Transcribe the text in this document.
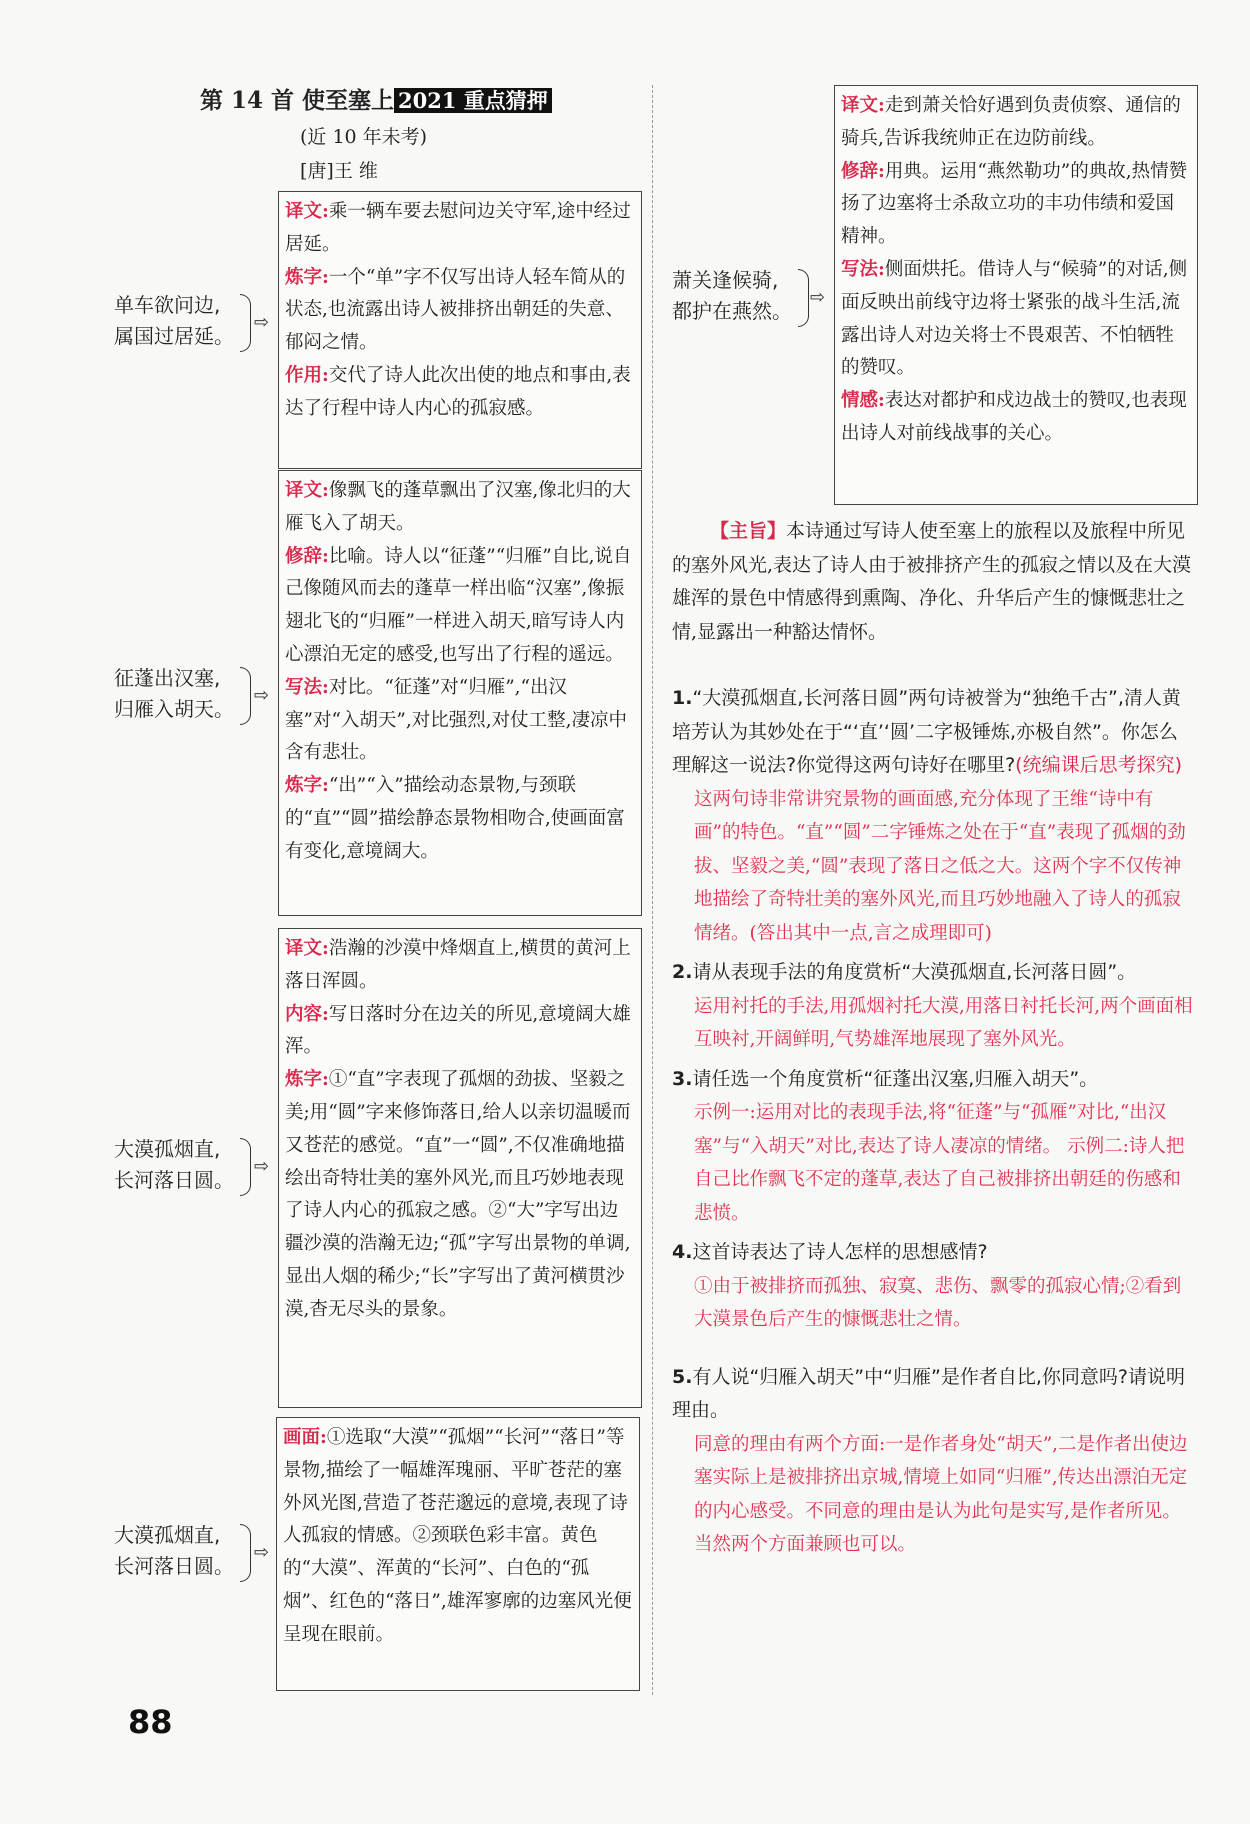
第 14 首 使至塞上 2021 重点猜押
(近 10 年未考)
[唐]王 维
单车欲问边,
属国过居延。
⇨

译文:乘一辆车要去慰问边关守军,途中经过居延。

炼字:一个“单”字不仅写出诗人轻车简从的状态,也流露出诗人被排挤出朝廷的失意、郁闷之情。

作用:交代了诗人此次出使的地点和事由,表达了行程中诗人内心的孤寂感。

征蓬出汉塞,
归雁入胡天。
⇨

译文:像飘飞的蓬草飘出了汉塞,像北归的大雁飞入了胡天。

修辞:比喻。诗人以“征蓬”“归雁”自比,说自己像随风而去的蓬草一样出临“汉塞”,像振翅北飞的“归雁”一样进入胡天,暗写诗人内心漂泊无定的感受,也写出了行程的遥远。

写法:对比。“征蓬”对“归雁”,“出汉塞”对“入胡天”,对比强烈,对仗工整,凄凉中含有悲壮。

炼字:“出”“入”描绘动态景物,与颈联的“直”“圆”描绘静态景物相吻合,使画面富有变化,意境阔大。

大漠孤烟直,
长河落日圆。
⇨

译文:浩瀚的沙漠中烽烟直上,横贯的黄河上落日浑圆。

内容:写日落时分在边关的所见,意境阔大雄浑。

炼字:①“直”字表现了孤烟的劲拔、坚毅之美;用“圆”字来修饰落日,给人以亲切温暖而又苍茫的感觉。“直”一“圆”,不仅准确地描绘出奇特壮美的塞外风光,而且巧妙地表现了诗人内心的孤寂之感。②“大”字写出边疆沙漠的浩瀚无边;“孤”字写出景物的单调,显出人烟的稀少;“长”字写出了黄河横贯沙漠,杳无尽头的景象。

大漠孤烟直,
长河落日圆。
⇨

画面:①选取“大漠”“孤烟”“长河”“落日”等景物,描绘了一幅雄浑瑰丽、平旷苍茫的塞外风光图,营造了苍茫邈远的意境,表现了诗人孤寂的情感。②颈联色彩丰富。黄色的“大漠”、浑黄的“长河”、白色的“孤烟”、红色的“落日”,雄浑寥廓的边塞风光便呈现在眼前。

萧关逢候骑,
都护在燕然。
⇨

译文:走到萧关恰好遇到负责侦察、通信的骑兵,告诉我统帅正在边防前线。

修辞:用典。运用“燕然勒功”的典故,热情赞扬了边塞将士杀敌立功的丰功伟绩和爱国精神。

写法:侧面烘托。借诗人与“候骑”的对话,侧面反映出前线守边将士紧张的战斗生活,流露出诗人对边关将士不畏艰苦、不怕牺牲的赞叹。

情感:表达对都护和戍边战士的赞叹,也表现出诗人对前线战事的关心。

【主旨】本诗通过写诗人使至塞上的旅程以及旅程中所见的塞外风光,表达了诗人由于被排挤产生的孤寂之情以及在大漠雄浑的景色中情感得到熏陶、净化、升华后产生的慷慨悲壮之情,显露出一种豁达情怀。
1.“大漠孤烟直,长河落日圆”两句诗被誉为“独绝千古”,清人黄培芳认为其妙处在于“‘直’‘圆’二字极锤炼,亦极自然”。你怎么理解这一说法?你觉得这两句诗好在哪里?(统编课后思考探究)
这两句诗非常讲究景物的画面感,充分体现了王维“诗中有画”的特色。“直”“圆”二字锤炼之处在于“直”表现了孤烟的劲拔、坚毅之美,“圆”表现了落日之低之大。这两个字不仅传神地描绘了奇特壮美的塞外风光,而且巧妙地融入了诗人的孤寂情绪。(答出其中一点,言之成理即可)
2.请从表现手法的角度赏析“大漠孤烟直,长河落日圆”。
运用衬托的手法,用孤烟衬托大漠,用落日衬托长河,两个画面相互映衬,开阔鲜明,气势雄浑地展现了塞外风光。
3.请任选一个角度赏析“征蓬出汉塞,归雁入胡天”。
示例一:运用对比的表现手法,将“征蓬”与“孤雁”对比,“出汉塞”与“入胡天”对比,表达了诗人凄凉的情绪。 示例二:诗人把自己比作飘飞不定的蓬草,表达了自己被排挤出朝廷的伤感和悲愤。
4.这首诗表达了诗人怎样的思想感情?
①由于被排挤而孤独、寂寞、悲伤、飘零的孤寂心情;②看到大漠景色后产生的慷慨悲壮之情。
5.有人说“归雁入胡天”中“归雁”是作者自比,你同意吗?请说明理由。
同意的理由有两个方面:一是作者身处“胡天”,二是作者出使边塞实际上是被排挤出京城,情境上如同“归雁”,传达出漂泊无定的内心感受。不同意的理由是认为此句是实写,是作者所见。当然两个方面兼顾也可以。
88
